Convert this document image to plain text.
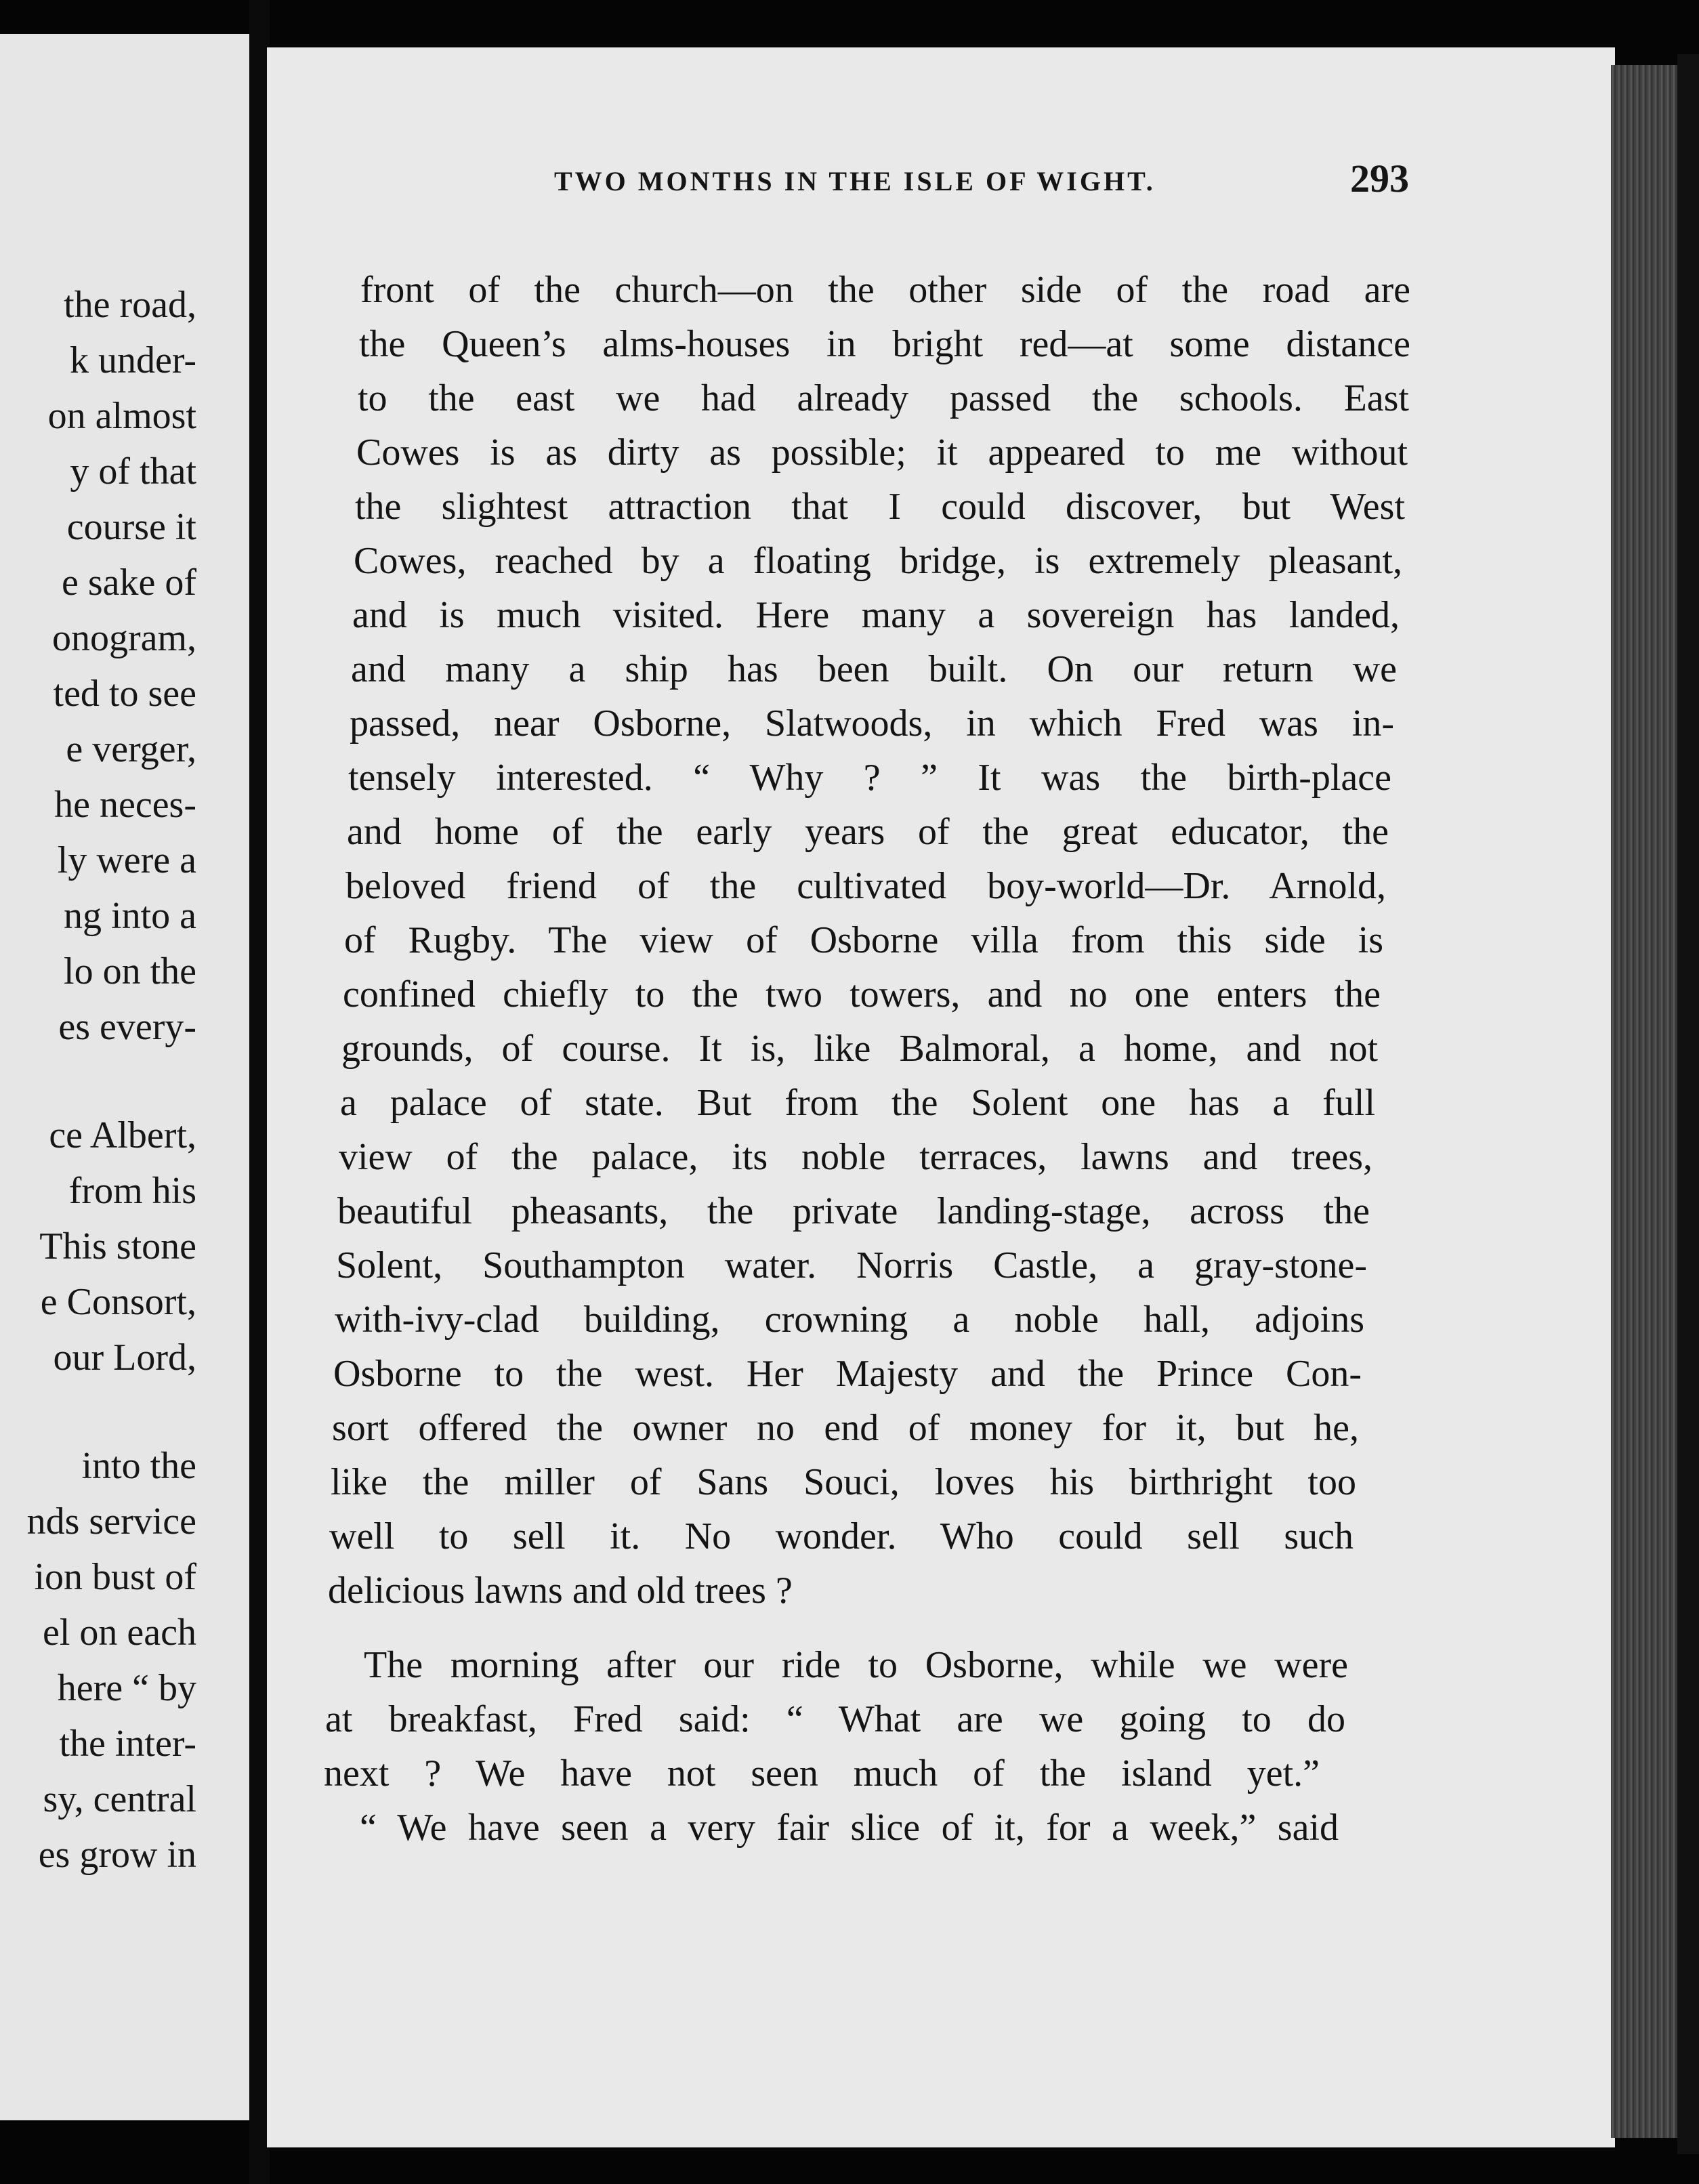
the road,
k under-
on almost
y of that
course it
e sake of
onogram,
ted to see
e verger,
he neces-
ly were a
ng into a
lo on the
es every-
ce Albert,
from his
This stone
e Consort,
our Lord,
into the
nds service
ion bust of
el on each
here “ by
the inter-
sy, central
es grow in
TWO MONTHS IN THE ISLE OF WIGHT.	293
front of the church—on the other side of the road are
the Queen’s alms-houses in bright red—at some distance
to the east we had already passed the schools. East
Cowes is as dirty as possible; it appeared to me without
the slightest attraction that I could discover, but West
Cowes, reached by a floating bridge, is extremely pleasant,
and is much visited. Here many a sovereign has landed,
and many a ship has been built. On our return we
passed, near Osborne, Slatwoods, in which Fred was in-
tensely interested. “ Why ? ” It was the birth-place
and home of the early years of the great educator, the
beloved friend of the cultivated boy-world—Dr. Arnold,
of Rugby. The view of Osborne villa from this side is
confined chiefly to the two towers, and no one enters the
grounds, of course. It is, like Balmoral, a home, and not
a palace of state. But from the Solent one has a full
view of the palace, its noble terraces, lawns and trees,
beautiful pheasants, the private landing-stage, across the
Solent, Southampton water. Norris Castle, a gray-stone-
with-ivy-clad building, crowning a noble hall, adjoins
Osborne to the west. Her Majesty and the Prince Con-
sort offered the owner no end of money for it, but he,
like the miller of Sans Souci, loves his birthright too
well to sell it. No wonder. Who could sell such
delicious lawns and old trees ?
The morning after our ride to Osborne, while we were
at breakfast, Fred said: “ What are we going to do
next ? We have not seen much of the island yet.”
“ We have seen a very fair slice of it, for a week,” said
